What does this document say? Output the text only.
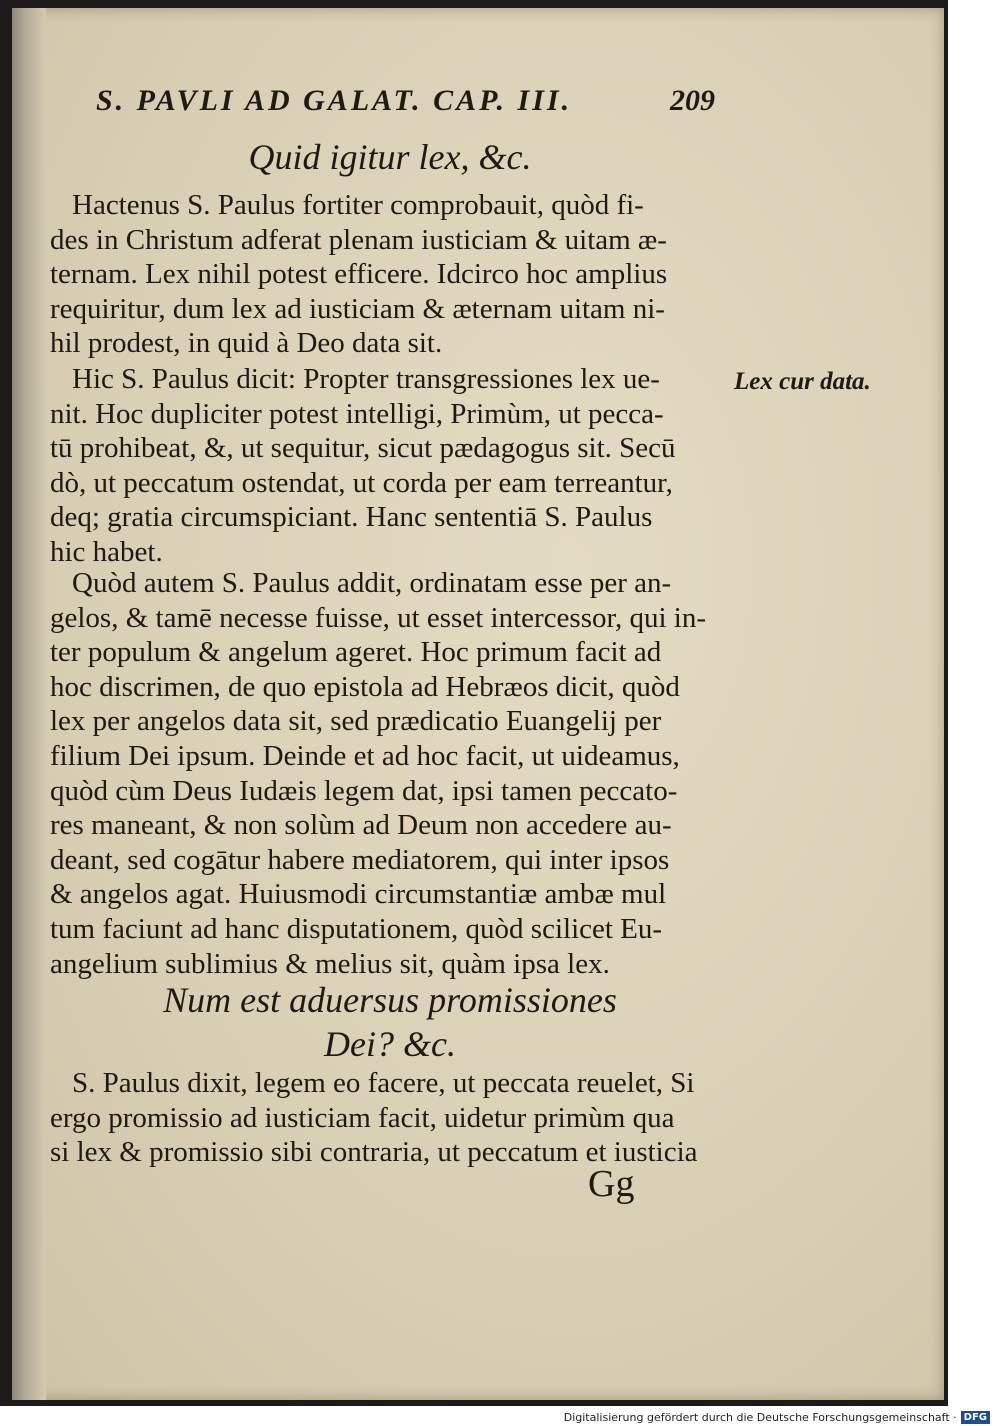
S. PAVLI AD GALAT. CAP. III.	209
Quid igitur lex, &c.
Hactenus S. Paulus fortiter comprobauit, quòd fi-
des in Christum adferat plenam iusticiam & uitam æ-
ternam. Lex nihil potest efficere. Idcirco hoc amplius
requiritur, dum lex ad iusticiam & æternam uitam ni-
hil prodest, in quid à Deo data sit.
Hic S. Paulus dicit: Propter transgressiones lex ue-
nit. Hoc dupliciter potest intelligi, Primùm, ut pecca-
tū prohibeat, &, ut sequitur, sicut pædagogus sit. Secū
dò, ut peccatum ostendat, ut corda per eam terreantur,
deq; gratia circumspiciant. Hanc sententiā S. Paulus
hic habet.
Lex cur data.
Quòd autem S. Paulus addit, ordinatam esse per an-
gelos, & tamē necesse fuisse, ut esset intercessor, qui in-
ter populum & angelum ageret. Hoc primum facit ad
hoc discrimen, de quo epistola ad Hebræos dicit, quòd
lex per angelos data sit, sed prædicatio Euangelij per
filium Dei ipsum. Deinde et ad hoc facit, ut uideamus,
quòd cùm Deus Iudæis legem dat, ipsi tamen peccato-
res maneant, & non solùm ad Deum non accedere au-
deant, sed cogātur habere mediatorem, qui inter ipsos
& angelos agat. Huiusmodi circumstantiæ ambæ mul
tum faciunt ad hanc disputationem, quòd scilicet Eu-
angelium sublimius & melius sit, quàm ipsa lex.
Num est aduersus promissiones
Dei? &c.
S. Paulus dixit, legem eo facere, ut peccata reuelet, Si
ergo promissio ad iusticiam facit, uidetur primùm qua
si lex & promissio sibi contraria, ut peccatum et iusticia
Gg
Digitalisierung gefördert durch die Deutsche Forschungsgemeinschaft · DFG
